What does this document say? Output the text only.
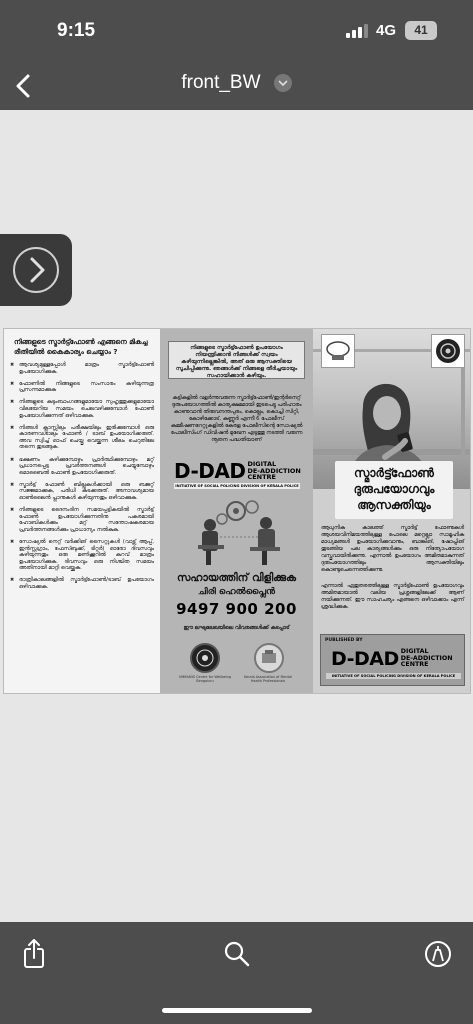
9:15	4G	41
front_BW
നിങ്ങളുടെ സ്മാർട്ട്ഫോൺ എങ്ങനെ മികച്ച രീതിയിൽ കൈകാര്യം ചെയ്യാം ?
✖ ആവശ്യമുള്ളപ്പോൾ മാത്രം സ്മാർട്ട്ഫോൺ ഉപയോഗിക്കുക.
✖ ഫോണിൽ നിങ്ങളുടെ സംസാരം കഴിയുന്നത്ര പ്രസന്നമാക്കുക
✖ നിങ്ങളുടെ കുടുംബാംഗങ്ങളുമായോ സുഹൃത്തുക്കളുമായോ വിലയേറിയ സമയം ചെലവഴിക്കുമ്പോൾ ഫോൺ ഉപയോഗിക്കുന്നത് ഒഴിവാക്കുക.
✖ നിങ്ങൾ ക്ലാസ്സിലും പരീക്ഷയിലും ഇരിക്കുമ്പോൾ ഒരു കാരണവശാലും ഫോൺ / ടാബ് ഉപയോഗിക്കരുത്. അവ സ്വിച്ച് ഓഫ് ചെയ്തു വെയ്ക്കുന്ന ശീലം ചെറുതിലേ തന്നെ തുടങ്ങുക.
✖ ഭക്ഷണം കഴിക്കുമ്പോഴും പ്രാർത്ഥിക്കുമ്പോഴും മറ്റ് പ്രധാനപ്പെട്ട പ്രവർത്തനങ്ങൾ ചെയ്യുമ്പോഴും മൊബൈൽ ഫോൺ ഉപയോഗിക്കരുത്.
✖ സ്മാർട്ട് ഫോൺ ബില്ലുകൾക്കായി ഒരു ബജറ്റ് സജ്ജമാക്കുക, പരിധി കടക്കരുത്. അനാവശ്യമായ ഓൺലൈൻ പ്ലാനുകൾ കഴിയുന്നതും ഒഴിവാക്കുക.
✖ നിങ്ങളുടെ ദൈനംദിന സമയപ്പട്ടികയിൽ സ്മാർട്ട് ഫോൺ ഉപയോഗിക്കുന്നതിനു പകരമായി ഹോബികൾക്കും മറ്റ് സന്തോഷകരമായ പ്രവർത്തനങ്ങൾക്കും പ്രാധാന്യം നൽകുക.
✖ സോഷ്യൽ നെറ്റ് വർക്കിങ് സൈറ്റുകൾ (വാട്സ് ആപ്പ്, ഇൻസ്റ്റഗ്രാം, ഫേസ്ബുക്ക്, ടിറ്റർ) ഓരോ ദിവസവും കഴിയുന്നതും ഒരു മണിക്കൂറിൽ കുറവ് മാത്രം ഉപയോഗിക്കുക. ദിവസവും ഒരു നിശ്ചിത സമയം അതിനായി മാറ്റി വെയ്ക്കുക.
✖ രാത്രികാലങ്ങളിൽ സ്മാർട്ട്ഫോൺ/ടാബ് ഉപയോഗം ഒഴിവാക്കുക.
നിങ്ങളുടെ സ്മാർട്ട്ഫോൺ ഉപയോഗം നിയന്ത്രിക്കാൻ നിങ്ങൾക്ക് സ്വയം കഴിയുന്നില്ലെങ്കിൽ, അത് ഒരു ആസക്തിയെ സൂചിപ്പിക്കുന്നു. ഞങ്ങൾക്ക് നിങ്ങളെ തീർച്ചയായും സഹായിക്കാൻ കഴിയും.
കുട്ടികളിൽ വളർന്നുവരുന്ന സ്മാർട്ട്ഫോൺ/ഇന്റർനെറ്റ് ദുരുപയോഗത്തിൽ കാര്യക്ഷമമായി ഇടപെട്ടു പരിഹാരം കാണുവാൻ തിരുവനന്തപുരം, കൊല്ലം, കൊച്ചി സിറ്റി, കോഴിക്കോട്, കണ്ണൂർ എന്നീ 6 പോലീസ് കമ്മീഷണറേറ്റുകളിൽ കേരള പോലീസിന്റെ സോഷ്യൽ പോലീസിംഗ് ഡിവിഷൻ മുഖേന എടുത്തു നടത്തി വരുന്ന നൂതന പദ്ധതിയാണ്
D-DAD DIGITAL
DE-ADDICTION
CENTRE
INITIATIVE OF SOCIAL POLICING DIVISION OF KERALA POLICE
സഹായത്തിന് വിളിക്കുക
ചിരി ഹെൽപ്ലൈൻ
9497 900 200
ഈ ലഘുലേഖയിലെ വിവരങ്ങൾക്ക് കടപ്പാട്
NIMHANS Centre for Wellbeing Bengaluru
Kerala Association of Mental Health Professionals
സ്മാർട്ട്ഫോൺ
ദുരുപയോഗവും
ആസക്തിയും
ആധുനിക കാലത്ത് സ്മാർട്ട് ഫോണുകൾ ആശയവിനിമയത്തിലുള്ള പോലെ മറ്റെല്ലാ സാമൂഹിക മാധ്യമങ്ങൾ ഉപയോഗിക്കുവാനും, ബാങ്കിങ്, ഷോപ്പിങ് തുടങ്ങിയ പല കാര്യങ്ങൾക്കും ഒരു നിത്യോപയോഗ വസ്തുവായിരിക്കുന്നു. എന്നാൽ ഉപയോഗം അമിതമാകുന്നത് ദുരുപയോഗത്തിലും ആസക്തിയിലും കൊണ്ടുചെന്നെത്തിക്കുന്നു.
എന്നാൽ ഏതുതരത്തിലുള്ള സ്മാർട്ട്ഫോൺ ഉപയോഗവും അമിതമായാൽ വലിയ പ്രശ്നങ്ങളിലേക്ക് ആണ് നയിക്കുന്നത്. ഈ സാഹചര്യം എങ്ങനെ ഒഴിവാക്കാം എന്ന് ശ്രദ്ധിക്കുക.
PUBLISHED BY
D-DAD DIGITAL
DE-ADDICTION
CENTRE
INITIATIVE OF SOCIAL POLICING DIVISION OF KERALA POLICE
